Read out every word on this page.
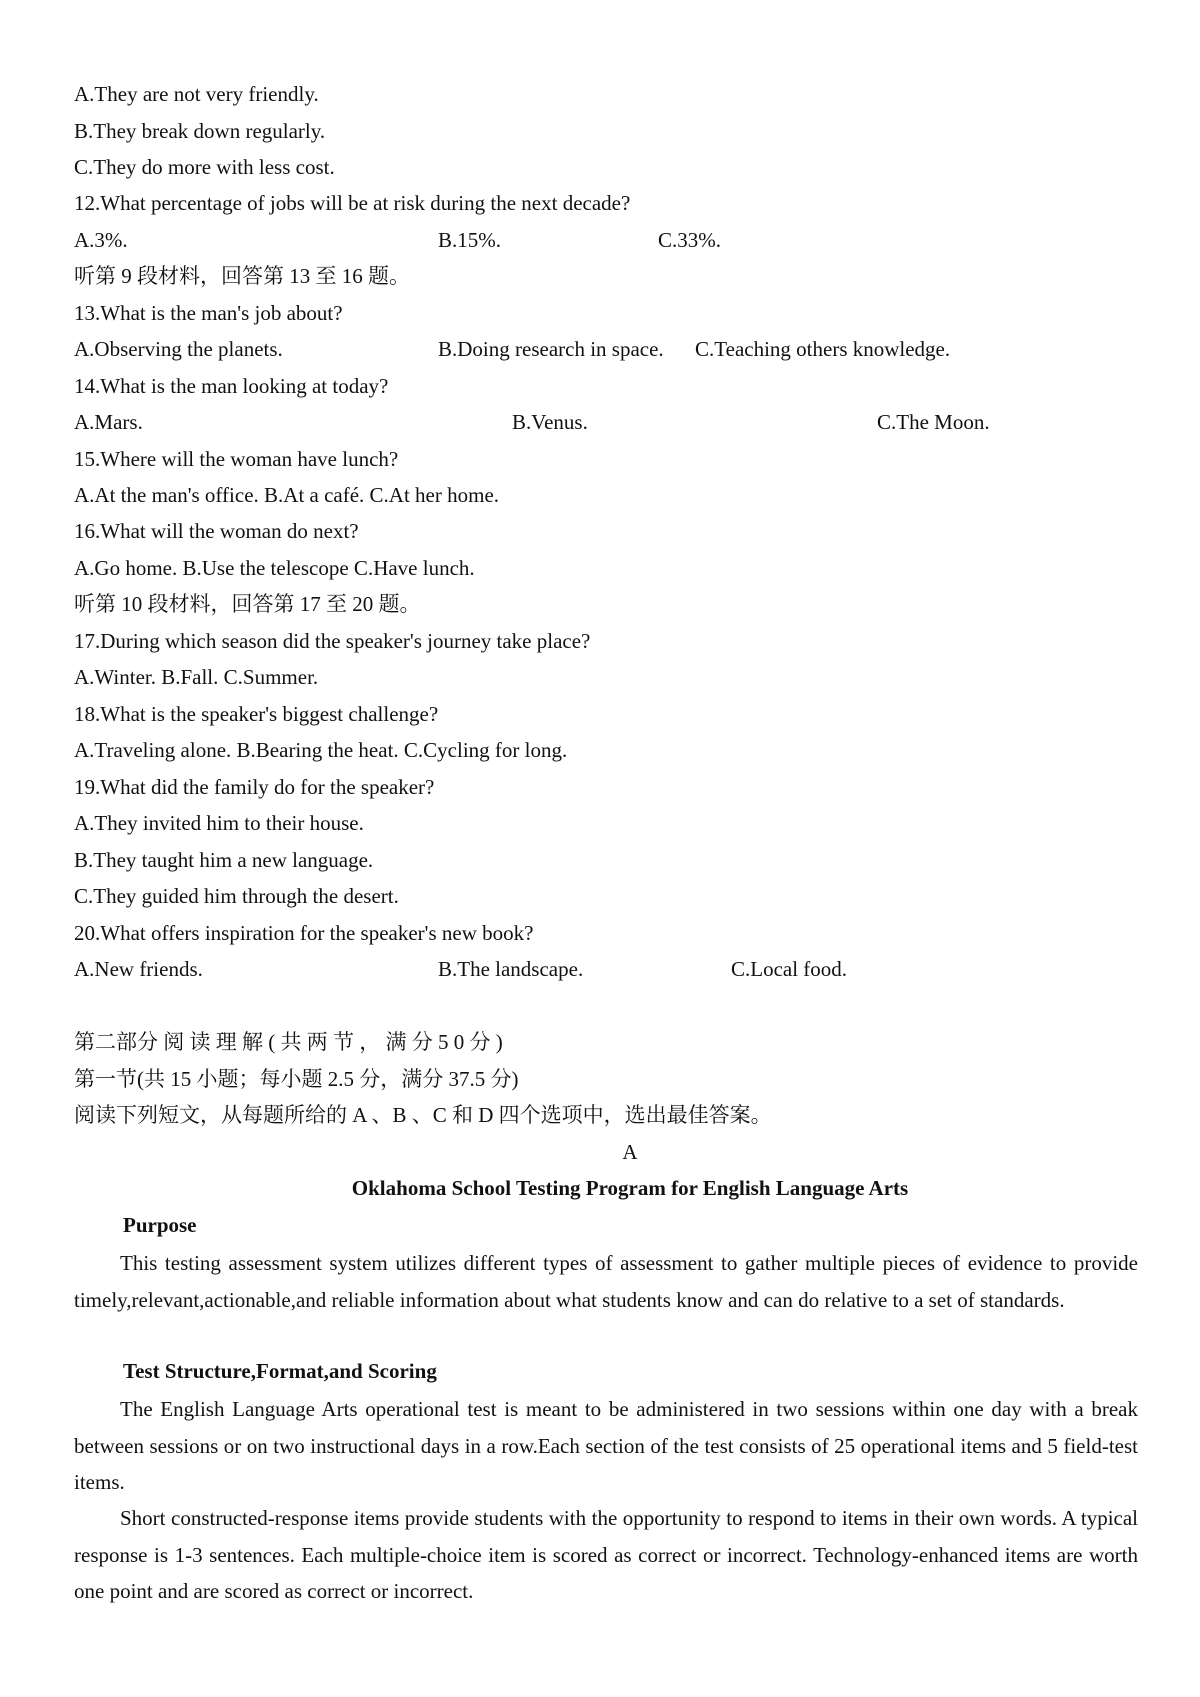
A.They are not very friendly.
B.They break down regularly.
C.They do more with less cost.
12.What percentage of jobs will be at risk during the next decade?
A.3%.	B.15%.	C.33%.
听第 9 段材料，回答第 13 至 16 题。
13.What is the man's job about?
A.Observing the planets.	B.Doing research in space. C.Teaching others knowledge.
14.What is the man looking at today?
A.Mars.	B.Venus.	C.The Moon.
15.Where will the woman have lunch?
A.At the man's office. B.At a café. C.At her home.
16.What will the woman do next?
A.Go home. B.Use the telescope C.Have lunch.
听第 10 段材料，回答第 17 至 20 题。
17.During which season did the speaker's journey take place?
A.Winter. B.Fall. C.Summer.
18.What is the speaker's biggest challenge?
A.Traveling alone. B.Bearing the heat. C.Cycling for long.
19.What did the family do for the speaker?
A.They invited him to their house.
B.They taught him a new language.
C.They guided him through the desert.
20.What offers inspiration for the speaker's new book?
A.New friends.	B.The landscape.	C.Local food.
第二部分 阅 读 理 解 ( 共 两 节 ， 满 分 5 0 分 )
第一节(共 15 小题；每小题 2.5 分，满分 37.5 分)
阅读下列短文，从每题所给的 A 、B 、C 和 D 四个选项中，选出最佳答案。
A
Oklahoma School Testing Program for English Language Arts
Purpose
This testing assessment system utilizes different types of assessment to gather multiple pieces of evidence to provide timely,relevant,actionable,and reliable information about what students know and can do relative to a set of standards.
Test Structure,Format,and Scoring
The English Language Arts operational test is meant to be administered in two sessions within one day with a break between sessions or on two instructional days in a row.Each section of the test consists of 25 operational items and 5 field-test items.
Short constructed-response items provide students with the opportunity to respond to items in their own words. A typical response is 1-3 sentences. Each multiple-choice item is scored as correct or incorrect. Technology-enhanced items are worth one point and are scored as correct or incorrect.
